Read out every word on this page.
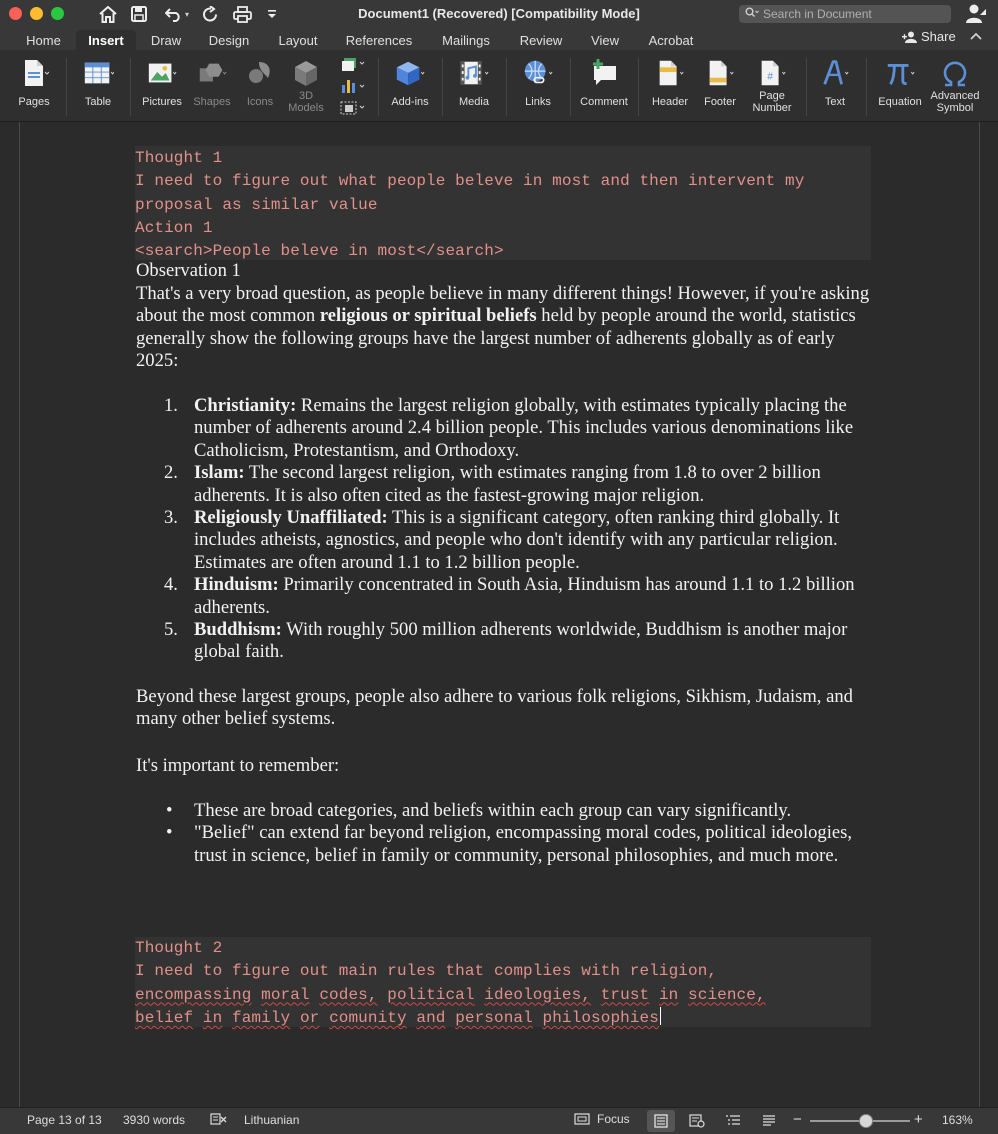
▾	Document1 (Recovered) [Compatibility Mode]	Search in Document
Home	Insert	Draw	Design	Layout	References	Mailings	Review	View	Acrobat	Share
Pages	Table	Pictures Shapes Icons	3D
Models	Add-ins	Media	Links	Comment Header Footer
#
Page
Number	Text	Equation Advanced
Symbol
Thought 1
I need to figure out what people beleve in most and then intervent my
proposal as similar value
Action 1
<search>People beleve in most</search>
Observation 1
That's a very broad question, as people believe in many different things! However, if you're asking about the most common religious or spiritual beliefs held by people around the world, statistics generally show the following groups have the largest number of adherents globally as of early 2025:
1. Christianity: Remains the largest religion globally, with estimates typically placing the number of adherents around 2.4 billion people. This includes various denominations like Catholicism, Protestantism, and Orthodoxy.
2. Islam: The second largest religion, with estimates ranging from 1.8 to over 2 billion adherents. It is also often cited as the fastest-growing major religion.
3. Religiously Unaffiliated: This is a significant category, often ranking third globally. It includes atheists, agnostics, and people who don't identify with any particular religion. Estimates are often around 1.1 to 1.2 billion people.
4. Hinduism: Primarily concentrated in South Asia, Hinduism has around 1.1 to 1.2 billion adherents.
5. Buddhism: With roughly 500 million adherents worldwide, Buddhism is another major global faith.
Beyond these largest groups, people also adhere to various folk religions, Sikhism, Judaism, and many other belief systems.
It's important to remember:
• These are broad categories, and beliefs within each group can vary significantly.
• "Belief" can extend far beyond religion, encompassing moral codes, political ideologies, trust in science, belief in family or community, personal philosophies, and much more.
Thought 2
I need to figure out main rules that complies with religion,
encompassing moral codes, political ideologies, trust in science,
belief in family or comunity and personal philosophies
Page 13 of 13 3930 words	Lithuanian	Focus	−	+ 163%
